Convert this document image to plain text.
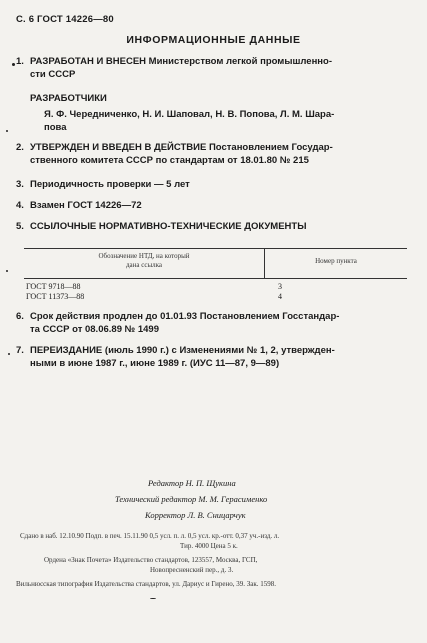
С. 6 ГОСТ 14226—80
ИНФОРМАЦИОННЫЕ ДАННЫЕ
1. РАЗРАБОТАН И ВНЕСЕН Министерством легкой промышленно-
сти СССР
РАЗРАБОТЧИКИ
Я. Ф. Чередниченко, Н. И. Шаповал, Н. В. Попова, Л. М. Шара-
пова
2. УТВЕРЖДЕН И ВВЕДЕН В ДЕЙСТВИЕ Постановлением Государ-
ственного комитета СССР по стандартам от 18.01.80 № 215
3. Периодичность проверки — 5 лет
4. Взамен ГОСТ 14226—72
5. ССЫЛОЧНЫЕ НОРМАТИВНО-ТЕХНИЧЕСКИЕ ДОКУМЕНТЫ
Обозначение НТД, на который
дана ссылка	Номер пункта
ГОСТ 9718—88	3
ГОСТ 11373—88	4
6. Срок действия продлен до 01.01.93 Постановлением Госстандар-
та СССР от 08.06.89 № 1499
7. ПЕРЕИЗДАНИЕ (июль 1990 г.) с Изменениями № 1, 2, утвержден-
ными в июне 1987 г., июне 1989 г. (ИУС 11—87, 9—89)
Редактор Н. П. Щукина
Технический редактор М. М. Герасименко
Корректор Л. В. Сницарчук
Сдано в наб. 12.10.90 Подп. в печ. 15.11.90 0,5 усл. п. л. 0,5 усл. кр.-отт. 0,37 уч.-изд. л.
Тир. 4000 Цена 5 к.
Ордена «Знак Почета» Издательство стандартов, 123557, Москва, ГСП,
Новопресненский пер., д. 3.
Вильнюсская типография Издательства стандартов, ул. Дариус и Гирено, 39. Зак. 1598.
